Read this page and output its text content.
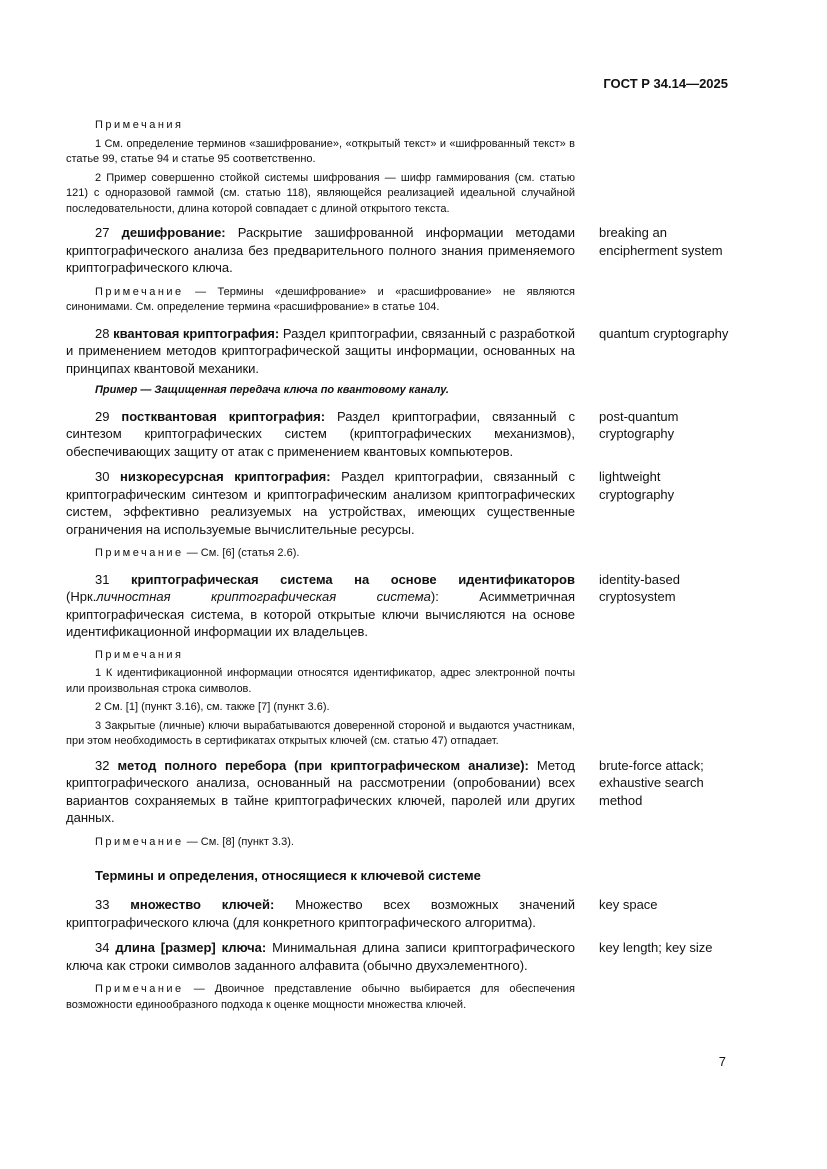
ГОСТ Р 34.14—2025

Примечания

1 См. определение терминов «зашифрование», «открытый текст» и «шифрованный текст» в статье 99, статье 94 и статье 95 соответственно.

2 Пример совершенно стойкой системы шифрования — шифр гаммирования (см. статью 121) с одноразовой гаммой (см. статью 118), являющейся реализацией идеальной случайной последовательности, длина которой совпадает с длиной открытого текста.

27 дешифрование: Раскрытие зашифрованной информации методами криптографического анализа без предварительного полного знания применяемого криптографического ключа.

breaking an encipherment system

Примечание — Термины «дешифрование» и «расшифрование» не являются синонимами. См. определение термина «расшифрование» в статье 104.

28 квантовая криптография: Раздел криптографии, связанный с разработкой и применением методов криптографической защиты информации, основанных на принципах квантовой механики.

quantum cryptography

Пример — Защищенная передача ключа по квантовому каналу.

29 постквантовая криптография: Раздел криптографии, связанный с синтезом криптографических систем (криптографических механизмов), обеспечивающих защиту от атак с применением квантовых компьютеров.

post-quantum cryptography

30 низкоресурсная криптография: Раздел криптографии, связанный с криптографическим синтезом и криптографическим анализом криптографических систем, эффективно реализуемых на устройствах, имеющих существенные ограничения на используемые вычислительные ресурсы.

lightweight cryptography

Примечание — См. [6] (статья 2.6).

31 криптографическая система на основе идентификаторов (Нрк.личностная криптографическая система): Асимметричная криптографическая система, в которой открытые ключи вычисляются на основе идентификационной информации их владельцев.

identity-based cryptosystem

Примечания

1 К идентификационной информации относятся идентификатор, адрес электронной почты или произвольная строка символов.

2 См. [1] (пункт 3.16), см. также [7] (пункт 3.6).

3 Закрытые (личные) ключи вырабатываются доверенной стороной и выдаются участникам, при этом необходимость в сертификатах открытых ключей (см. статью 47) отпадает.

32 метод полного перебора (при криптографическом анализе): Метод криптографического анализа, основанный на рассмотрении (опробовании) всех вариантов сохраняемых в тайне криптографических ключей, паролей или других данных.

brute-force attack; exhaustive search method

Примечание — См. [8] (пункт 3.3).

Термины и определения, относящиеся к ключевой системе

33 множество ключей: Множество всех возможных значений криптографического ключа (для конкретного криптографического алгоритма).

key space

34 длина [размер] ключа: Минимальная длина записи криптографического ключа как строки символов заданного алфавита (обычно двухэлементного).

key length; key size

Примечание — Двоичное представление обычно выбирается для обеспечения возможности единообразного подхода к оценке мощности множества ключей.

7
